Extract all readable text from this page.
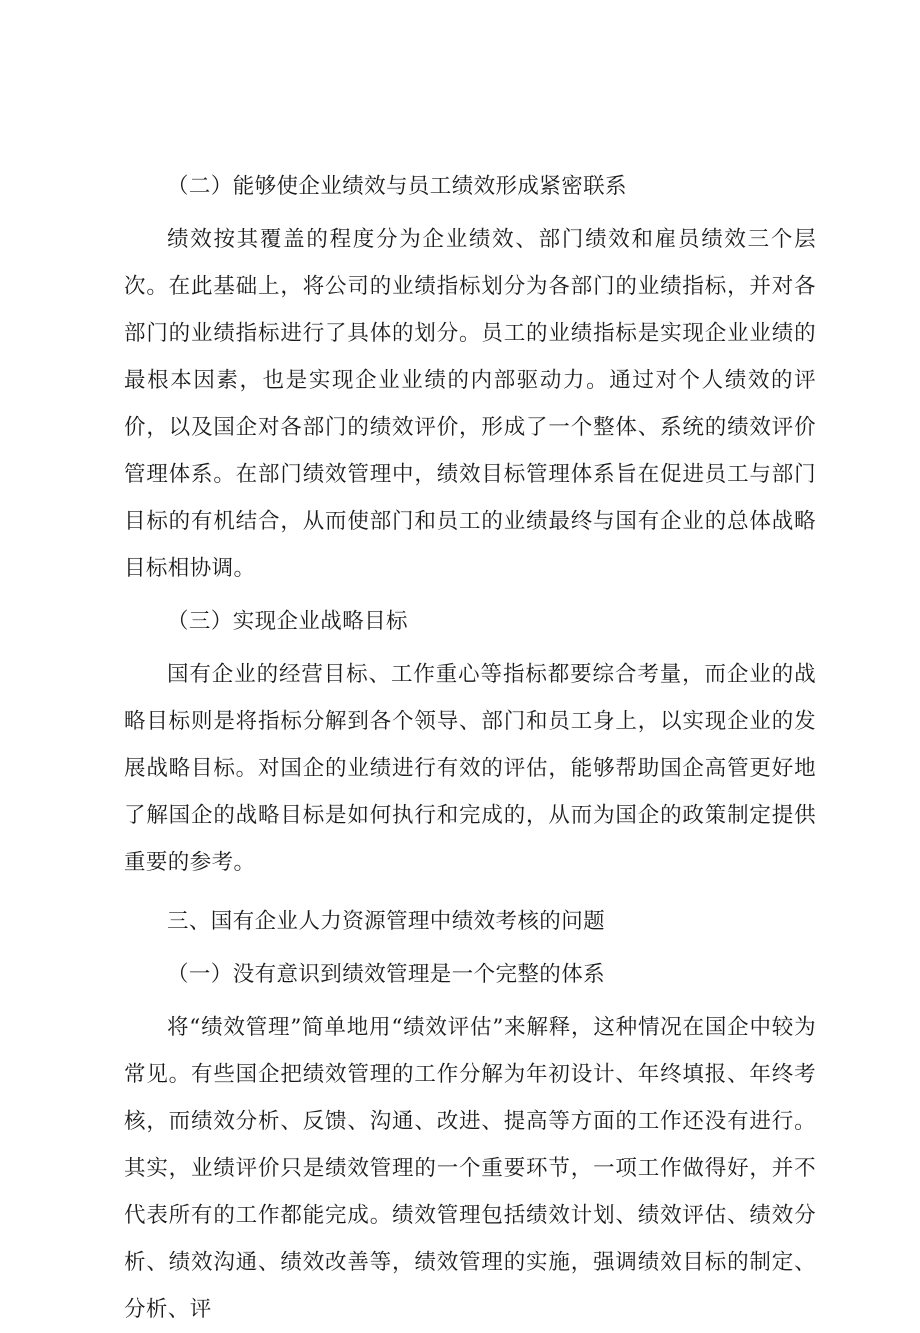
（二）能够使企业绩效与员工绩效形成紧密联系

绩效按其覆盖的程度分为企业绩效、部门绩效和雇员绩效三个层次。在此基础上，将公司的业绩指标划分为各部门的业绩指标，并对各部门的业绩指标进行了具体的划分。员工的业绩指标是实现企业业绩的最根本因素，也是实现企业业绩的内部驱动力。通过对个人绩效的评价，以及国企对各部门的绩效评价，形成了一个整体、系统的绩效评价管理体系。在部门绩效管理中，绩效目标管理体系旨在促进员工与部门目标的有机结合，从而使部门和员工的业绩最终与国有企业的总体战略目标相协调。

（三）实现企业战略目标

国有企业的经营目标、工作重心等指标都要综合考量，而企业的战略目标则是将指标分解到各个领导、部门和员工身上，以实现企业的发展战略目标。对国企的业绩进行有效的评估，能够帮助国企高管更好地了解国企的战略目标是如何执行和完成的，从而为国企的政策制定提供重要的参考。

三、国有企业人力资源管理中绩效考核的问题

（一）没有意识到绩效管理是一个完整的体系

将“绩效管理”简单地用“绩效评估”来解释，这种情况在国企中较为常见。有些国企把绩效管理的工作分解为年初设计、年终填报、年终考核，而绩效分析、反馈、沟通、改进、提高等方面的工作还没有进行。其实，业绩评价只是绩效管理的一个重要环节，一项工作做得好，并不代表所有的工作都能完成。绩效管理包括绩效计划、绩效评估、绩效分析、绩效沟通、绩效改善等，绩效管理的实施，强调绩效目标的制定、分析、评
